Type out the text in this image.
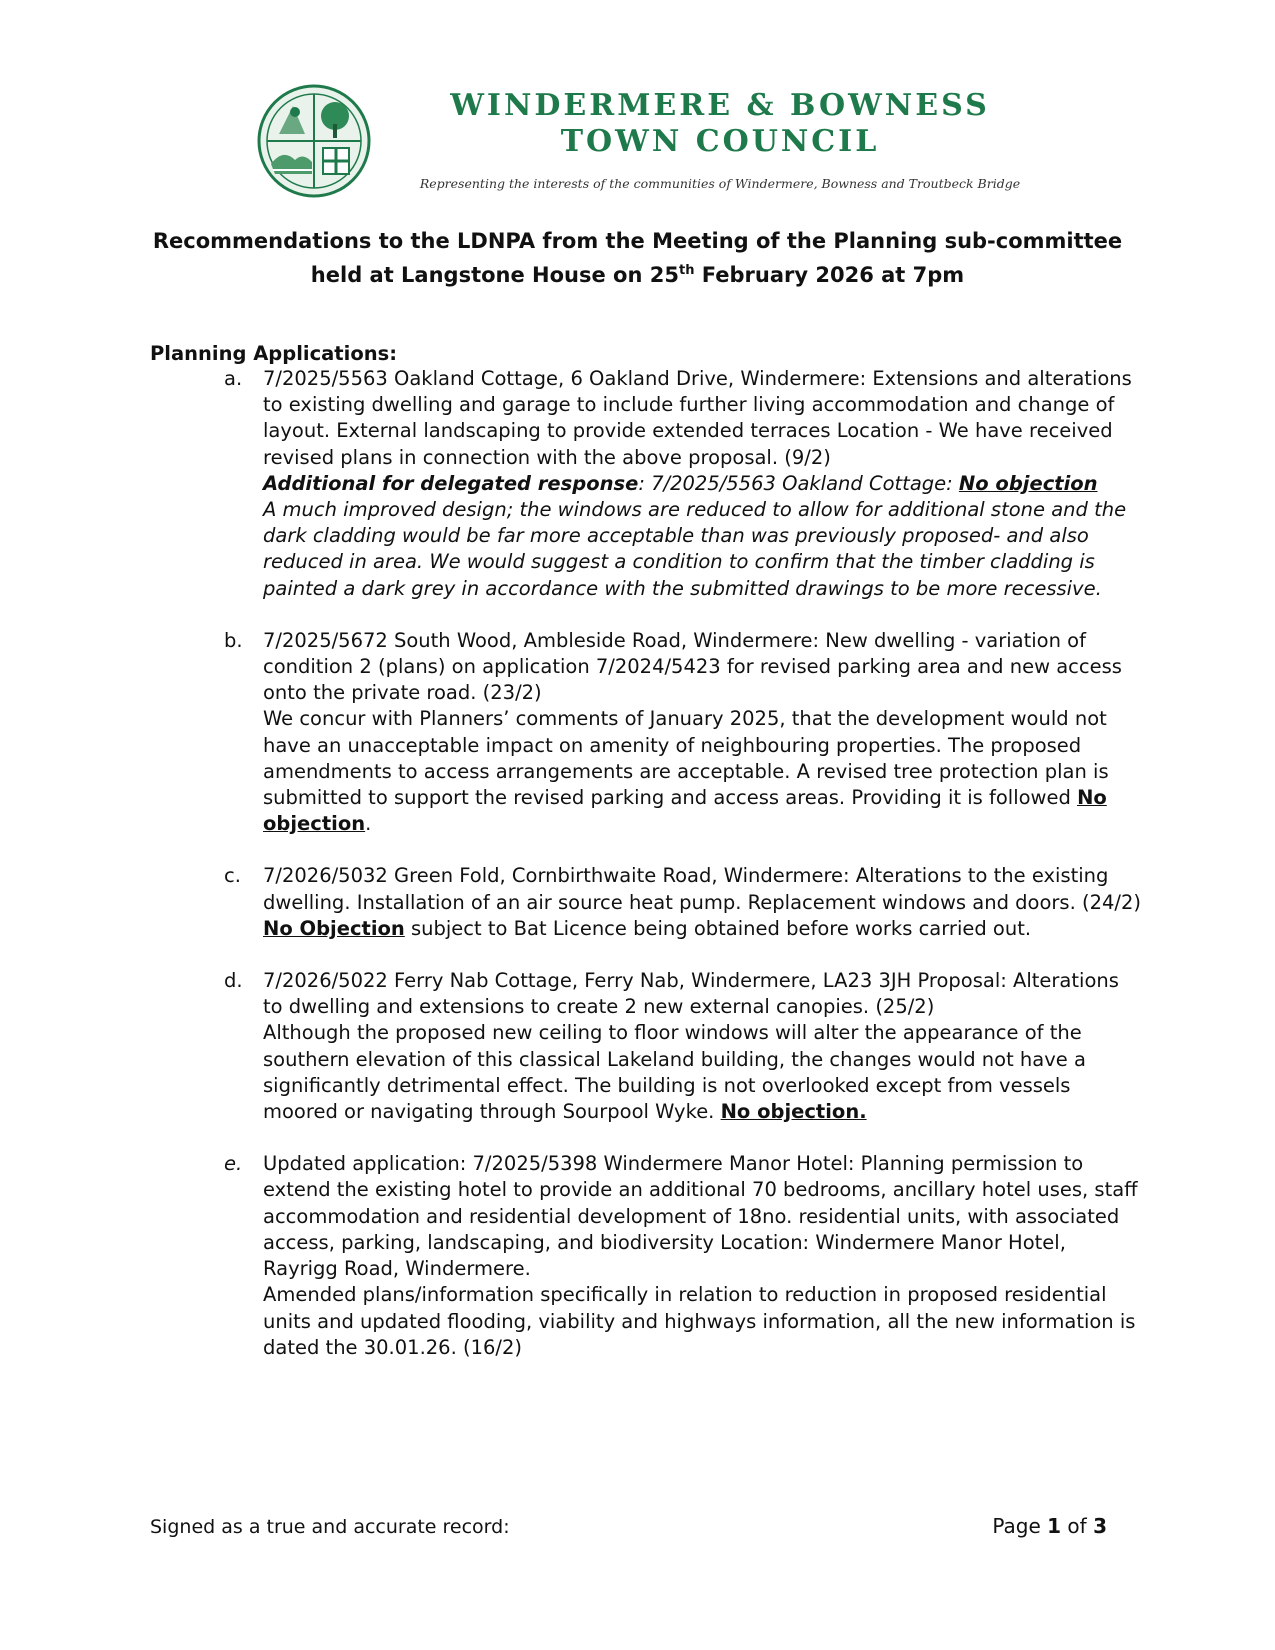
WINDERMERE & BOWNESS
TOWN COUNCIL
Representing the interests of the communities of Windermere, Bowness and Troutbeck Bridge
Recommendations to the LDNPA from the Meeting of the Planning sub-committee
held at Langstone House on 25th February 2026 at 7pm
Planning Applications:
a. 7/2025/5563 Oakland Cottage, 6 Oakland Drive, Windermere: Extensions and alterations to existing dwelling and garage to include further living accommodation and change of layout. External landscaping to provide extended terraces Location - We have received revised plans in connection with the above proposal. (9/2)

Additional for delegated response: 7/2025/5563 Oakland Cottage: No objection

A much improved design; the windows are reduced to allow for additional stone and the dark cladding would be far more acceptable than was previously proposed- and also reduced in area. We would suggest a condition to confirm that the timber cladding is painted a dark grey in accordance with the submitted drawings to be more recessive.

b. 7/2025/5672 South Wood, Ambleside Road, Windermere: New dwelling - variation of condition 2 (plans) on application 7/2024/5423 for revised parking area and new access onto the private road. (23/2)

We concur with Planners’ comments of January 2025, that the development would not have an unacceptable impact on amenity of neighbouring properties. The proposed amendments to access arrangements are acceptable. A revised tree protection plan is submitted to support the revised parking and access areas. Providing it is followed No objection.

c. 7/2026/5032 Green Fold, Cornbirthwaite Road, Windermere: Alterations to the existing dwelling. Installation of an air source heat pump. Replacement windows and doors. (24/2)

No Objection subject to Bat Licence being obtained before works carried out.

d. 7/2026/5022 Ferry Nab Cottage, Ferry Nab, Windermere, LA23 3JH Proposal: Alterations to dwelling and extensions to create 2 new external canopies. (25/2)

Although the proposed new ceiling to floor windows will alter the appearance of the southern elevation of this classical Lakeland building, the changes would not have a significantly detrimental effect. The building is not overlooked except from vessels moored or navigating through Sourpool Wyke. No objection.

e. Updated application: 7/2025/5398 Windermere Manor Hotel: Planning permission to extend the existing hotel to provide an additional 70 bedrooms, ancillary hotel uses, staff accommodation and residential development of 18no. residential units, with associated access, parking, landscaping, and biodiversity Location: Windermere Manor Hotel, Rayrigg Road, Windermere.

Amended plans/information specifically in relation to reduction in proposed residential units and updated flooding, viability and highways information, all the new information is dated the 30.01.26. (16/2)

Signed as a true and accurate record:	Page 1 of 3
